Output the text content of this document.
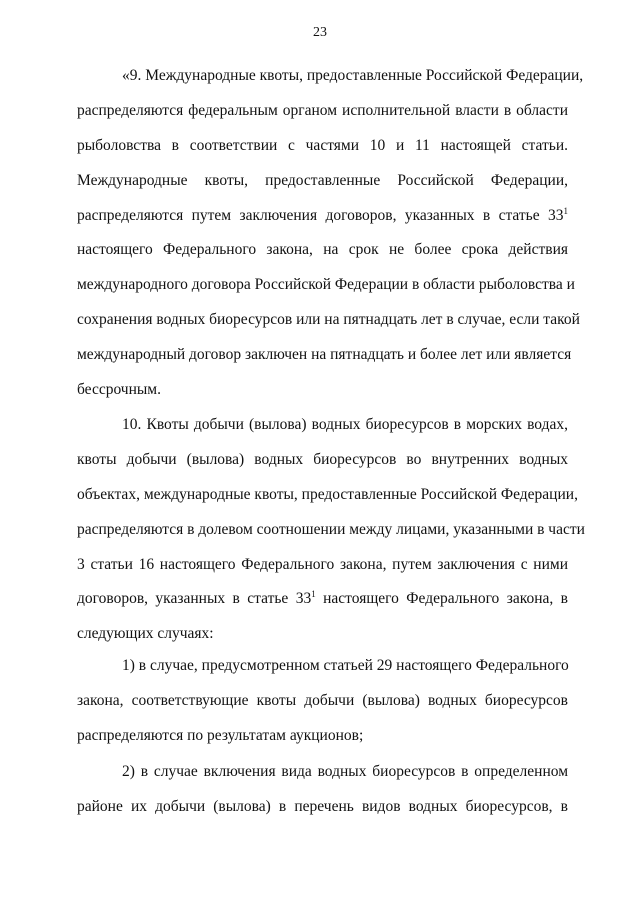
23
«9. Международные квоты, предоставленные Российской Федерации,
распределяются федеральным органом исполнительной власти в области
рыболовства в соответствии с частями 10 и 11 настоящей статьи.
Международные квоты, предоставленные Российской Федерации,
распределяются путем заключения договоров, указанных в статье $33^1$
настоящего Федерального закона, на срок не более срока действия
международного договора Российской Федерации в области рыболовства и
сохранения водных биоресурсов или на пятнадцать лет в случае, если такой
международный договор заключен на пятнадцать и более лет или является
бессрочным.
10. Квоты добычи (вылова) водных биоресурсов в морских водах,
квоты добычи (вылова) водных биоресурсов во внутренних водных
объектах, международные квоты, предоставленные Российской Федерации,
распределяются в долевом соотношении между лицами, указанными в части
3 статьи 16 настоящего Федерального закона, путем заключения с ними
договоров, указанных в статье $33^1$ настоящего Федерального закона, в
следующих случаях:
1) в случае, предусмотренном статьей 29 настоящего Федерального
закона, соответствующие квоты добычи (вылова) водных биоресурсов
распределяются по результатам аукционов;
2) в случае включения вида водных биоресурсов в определенном
районе их добычи (вылова) в перечень видов водных биоресурсов, в
